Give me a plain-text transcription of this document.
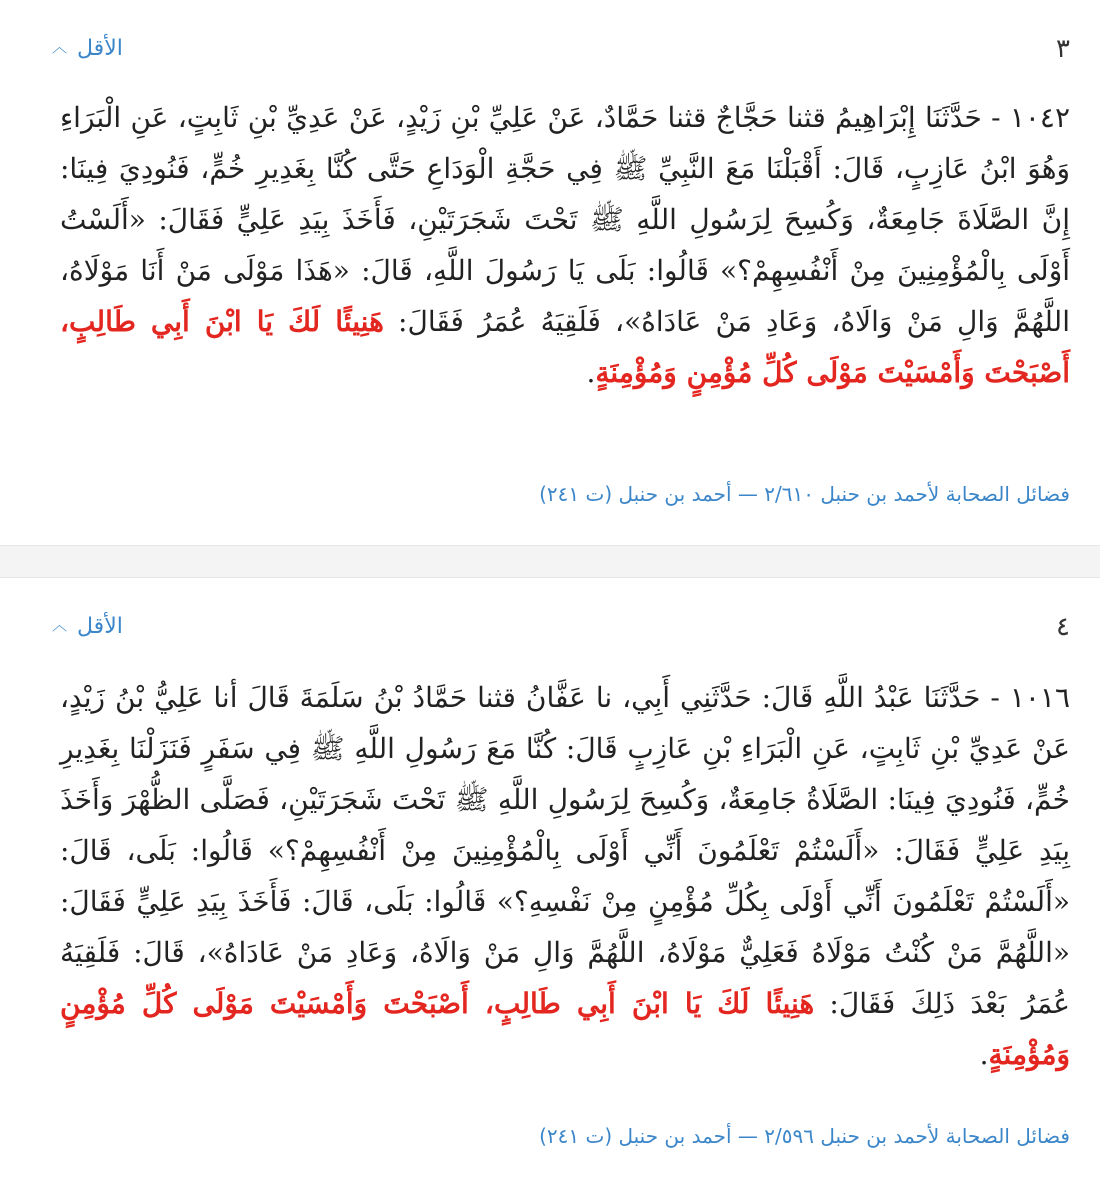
٣
الأقل︿
١٠٤٢ - حَدَّثَنَا إِبْرَاهِيمُ قثنا حَجَّاجٌ قثنا حَمَّادٌ، عَنْ عَلِيِّ بْنِ زَيْدٍ، عَنْ عَدِيِّ بْنِ ثَابِتٍ، عَنِ الْبَرَاءِ وَهُوَ ابْنُ عَازِبٍ، قَالَ: أَقْبَلْنَا مَعَ النَّبِيِّ ﷺ فِي حَجَّةِ الْوَدَاعِ حَتَّى كُنَّا بِغَدِيرِ خُمٍّ، فَنُودِيَ فِينَا: إِنَّ الصَّلَاةَ جَامِعَةٌ، وَكُسِحَ لِرَسُولِ اللَّهِ ﷺ تَحْتَ شَجَرَتَيْنِ، فَأَخَذَ بِيَدِ عَلِيٍّ فَقَالَ: «أَلَسْتُ أَوْلَى بِالْمُؤْمِنِينَ مِنْ أَنْفُسِهِمْ؟» قَالُوا: بَلَى يَا رَسُولَ اللَّهِ، قَالَ: «هَذَا مَوْلَى مَنْ أَنَا مَوْلَاهُ، اللَّهُمَّ وَالِ مَنْ وَالَاهُ، وَعَادِ مَنْ عَادَاهُ»، فَلَقِيَهُ عُمَرُ فَقَالَ: هَنِيئًا لَكَ يَا ابْنَ أَبِي طَالِبٍ، أَصْبَحْتَ وَأَمْسَيْتَ مَوْلَى كُلِّ مُؤْمِنٍ وَمُؤْمِنَةٍ.
فضائل الصحابة لأحمد بن حنبل ٢/٦١٠ — أحمد بن حنبل (ت ٢٤١)
٤
الأقل︿
١٠١٦ - حَدَّثَنَا عَبْدُ اللَّهِ قَالَ: حَدَّثَنِي أَبِي، نا عَفَّانُ قثنا حَمَّادُ بْنُ سَلَمَةَ قَالَ أنا عَلِيُّ بْنُ زَيْدٍ، عَنْ عَدِيِّ بْنِ ثَابِتٍ، عَنِ الْبَرَاءِ بْنِ عَازِبٍ قَالَ: كُنَّا مَعَ رَسُولِ اللَّهِ ﷺ فِي سَفَرٍ فَنَزَلْنَا بِغَدِيرِ خُمٍّ، فَنُودِيَ فِينَا: الصَّلَاةُ جَامِعَةٌ، وَكُسِحَ لِرَسُولِ اللَّهِ ﷺ تَحْتَ شَجَرَتَيْنِ، فَصَلَّى الظُّهْرَ وَأَخَذَ بِيَدِ عَلِيٍّ فَقَالَ: «أَلَسْتُمْ تَعْلَمُونَ أَنِّي أَوْلَى بِالْمُؤْمِنِينَ مِنْ أَنْفُسِهِمْ؟» قَالُوا: بَلَى، قَالَ: «أَلَسْتُمْ تَعْلَمُونَ أَنِّي أَوْلَى بِكُلِّ مُؤْمِنٍ مِنْ نَفْسِهِ؟» قَالُوا: بَلَى، قَالَ: فَأَخَذَ بِيَدِ عَلِيٍّ فَقَالَ: «اللَّهُمَّ مَنْ كُنْتُ مَوْلَاهُ فَعَلِيٌّ مَوْلَاهُ، اللَّهُمَّ وَالِ مَنْ وَالَاهُ، وَعَادِ مَنْ عَادَاهُ»، قَالَ: فَلَقِيَهُ عُمَرُ بَعْدَ ذَلِكَ فَقَالَ: هَنِيئًا لَكَ يَا ابْنَ أَبِي طَالِبٍ، أَصْبَحْتَ وَأَمْسَيْتَ مَوْلَى كُلِّ مُؤْمِنٍ وَمُؤْمِنَةٍ.
فضائل الصحابة لأحمد بن حنبل ٢/٥٩٦ — أحمد بن حنبل (ت ٢٤١)
